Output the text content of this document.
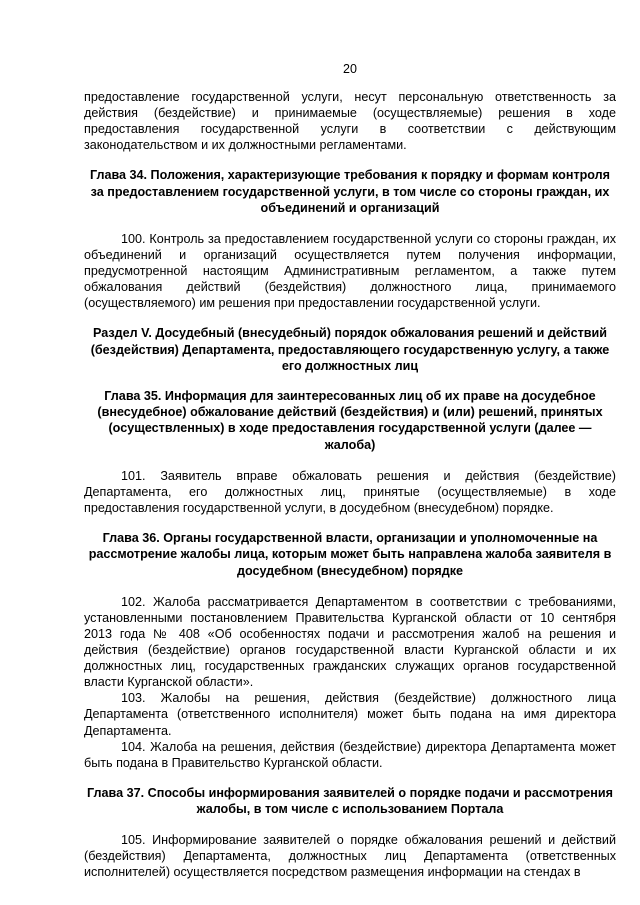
20

предоставление государственной услуги, несут персональную ответственность за действия (бездействие) и принимаемые (осуществляемые) решения в ходе предоставления государственной услуги в соответствии с действующим законодательством и их должностными регламентами.

Глава 34. Положения, характеризующие требования к порядку и формам контроля за предоставлением государственной услуги, в том числе со стороны граждан, их объединений и организаций

100. Контроль за предоставлением государственной услуги со стороны граждан, их объединений и организаций осуществляется путем получения информации, предусмотренной настоящим Административным регламентом, а также путем обжалования действий (бездействия) должностного лица, принимаемого (осуществляемого) им решения при предоставлении государственной услуги.

Раздел V. Досудебный (внесудебный) порядок обжалования решений и действий (бездействия) Департамента, предоставляющего государственную услугу, а также его должностных лиц
Глава 35. Информация для заинтересованных лиц об их праве на досудебное (внесудебное) обжалование действий (бездействия) и (или) решений, принятых (осуществленных) в ходе предоставления государственной услуги (далее — жалоба)

101. Заявитель вправе обжаловать решения и действия (бездействие) Департамента, его должностных лиц, принятые (осуществляемые) в ходе предоставления государственной услуги, в досудебном (внесудебном) порядке.

Глава 36. Органы государственной власти, организации и уполномоченные на рассмотрение жалобы лица, которым может быть направлена жалоба заявителя в досудебном (внесудебном) порядке

102. Жалоба рассматривается Департаментом в соответствии с требованиями, установленными постановлением Правительства Курганской области от 10 сентября 2013 года № 408 «Об особенностях подачи и рассмотрения жалоб на решения и действия (бездействие) органов государственной власти Курганской области и их должностных лиц, государственных гражданских служащих органов государственной власти Курганской области».

103. Жалобы на решения, действия (бездействие) должностного лица Департамента (ответственного исполнителя) может быть подана на имя директора Департамента.

104. Жалоба на решения, действия (бездействие) директора Департамента может быть подана в Правительство Курганской области.

Глава 37. Способы информирования заявителей о порядке подачи и рассмотрения жалобы, в том числе с использованием Портала

105. Информирование заявителей о порядке обжалования решений и действий (бездействия) Департамента, должностных лиц Департамента (ответственных исполнителей) осуществляется посредством размещения информации на стендах в
